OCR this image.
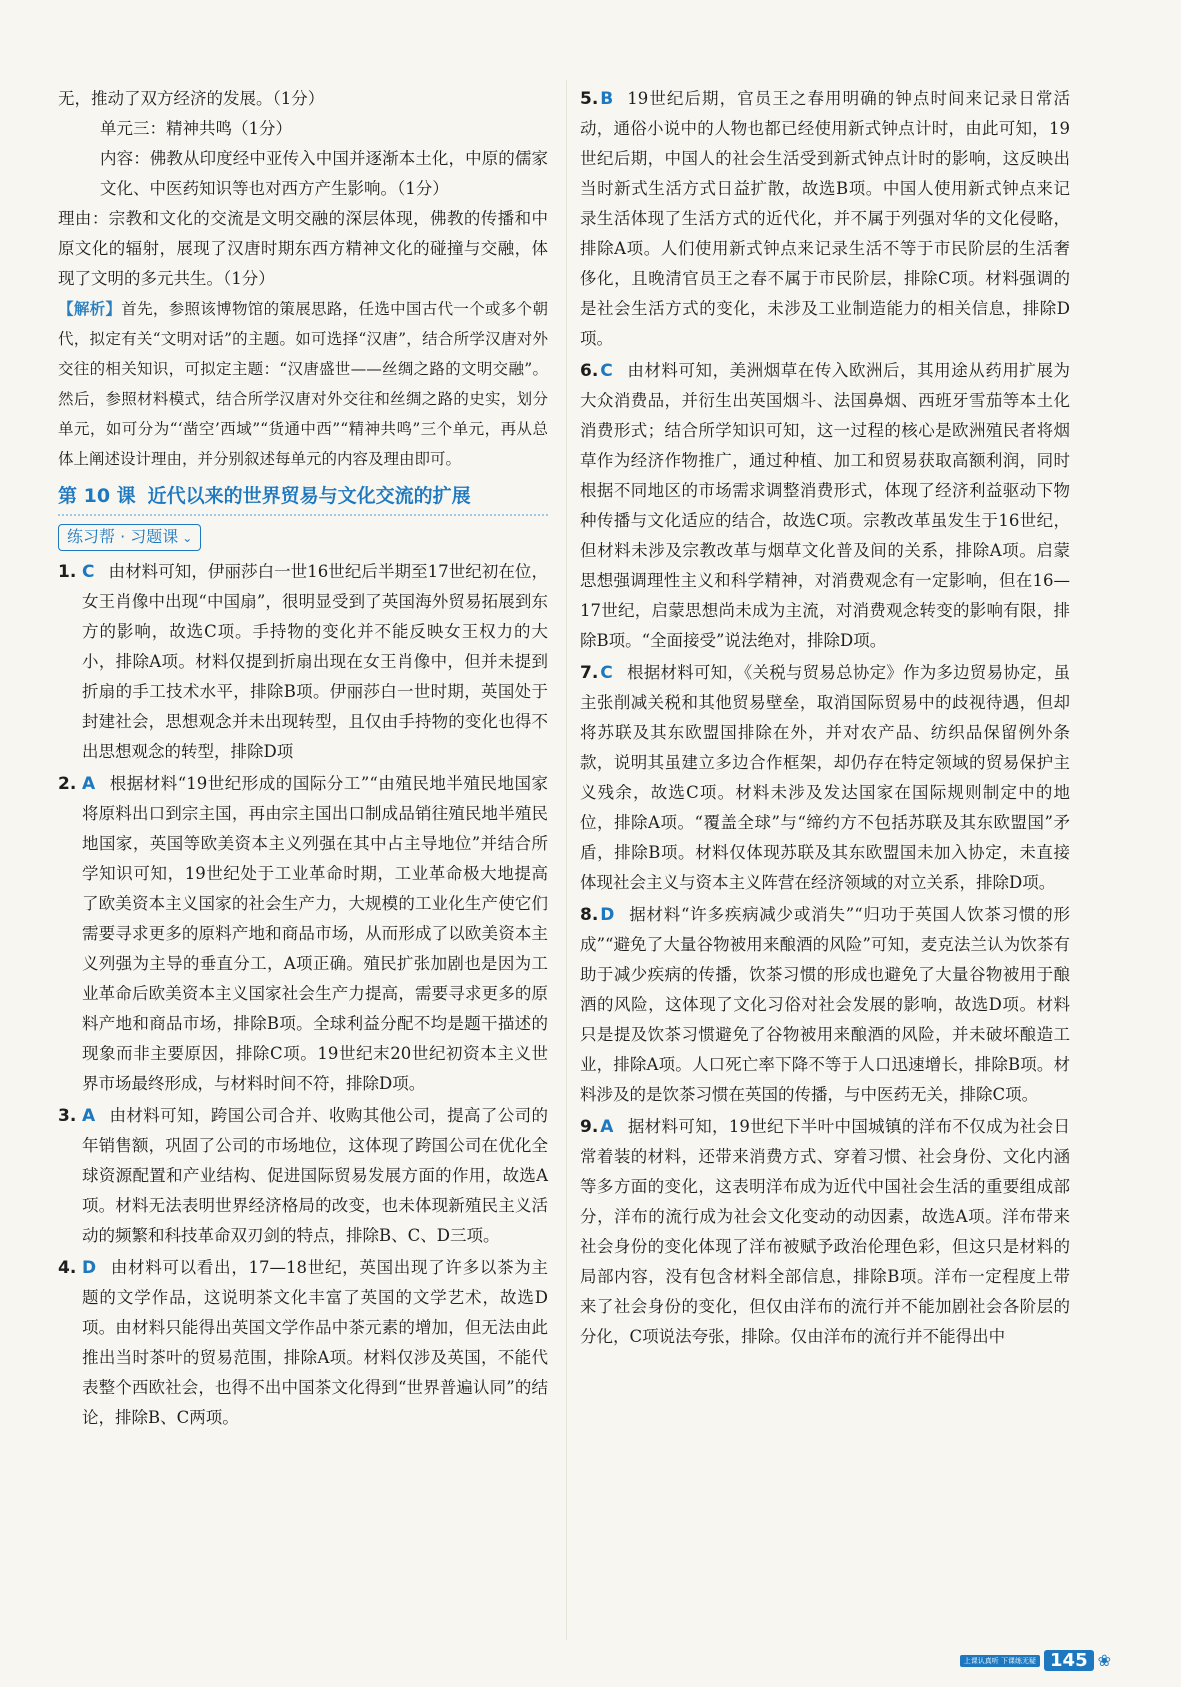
无，推动了双方经济的发展。（1分）

单元三：精神共鸣（1分）

内容：佛教从印度经中亚传入中国并逐渐本土化，中原的儒家文化、中医药知识等也对西方产生影响。（1分）

理由：宗教和文化的交流是文明交融的深层体现，佛教的传播和中原文化的辐射，展现了汉唐时期东西方精神文化的碰撞与交融，体现了文明的多元共生。（1分）

【解析】首先，参照该博物馆的策展思路，任选中国古代一个或多个朝代，拟定有关“文明对话”的主题。如可选择“汉唐”，结合所学汉唐对外交往的相关知识，可拟定主题：“汉唐盛世——丝绸之路的文明交融”。然后，参照材料模式，结合所学汉唐对外交往和丝绸之路的史实，划分单元，如可分为“‘凿空’西域”“货通中西”“精神共鸣”三个单元，再从总体上阐述设计理由，并分别叙述每单元的内容及理由即可。

第 10 课 近代以来的世界贸易与文化交流的扩展
练习帮 · 习题课 ⌄
1. C 由材料可知，伊丽莎白一世16世纪后半期至17世纪初在位，女王肖像中出现“中国扇”，很明显受到了英国海外贸易拓展到东方的影响，故选C项。手持物的变化并不能反映女王权力的大小，排除A项。材料仅提到折扇出现在女王肖像中，但并未提到折扇的手工技术水平，排除B项。伊丽莎白一世时期，英国处于封建社会，思想观念并未出现转型，且仅由手持物的变化也得不出思想观念的转型，排除D项
2. A 根据材料“19世纪形成的国际分工”“由殖民地半殖民地国家将原料出口到宗主国，再由宗主国出口制成品销往殖民地半殖民地国家，英国等欧美资本主义列强在其中占主导地位”并结合所学知识可知，19世纪处于工业革命时期，工业革命极大地提高了欧美资本主义国家的社会生产力，大规模的工业化生产使它们需要寻求更多的原料产地和商品市场，从而形成了以欧美资本主义列强为主导的垂直分工，A项正确。殖民扩张加剧也是因为工业革命后欧美资本主义国家社会生产力提高，需要寻求更多的原料产地和商品市场，排除B项。全球利益分配不均是题干描述的现象而非主要原因，排除C项。19世纪末20世纪初资本主义世界市场最终形成，与材料时间不符，排除D项。
3. A 由材料可知，跨国公司合并、收购其他公司，提高了公司的年销售额，巩固了公司的市场地位，这体现了跨国公司在优化全球资源配置和产业结构、促进国际贸易发展方面的作用，故选A项。材料无法表明世界经济格局的改变，也未体现新殖民主义活动的频繁和科技革命双刃剑的特点，排除B、C、D三项。
4. D 由材料可以看出，17—18世纪，英国出现了许多以茶为主题的文学作品，这说明茶文化丰富了英国的文学艺术，故选D项。由材料只能得出英国文学作品中茶元素的增加，但无法由此推出当时茶叶的贸易范围，排除A项。材料仅涉及英国，不能代表整个西欧社会，也得不出中国茶文化得到“世界普遍认同”的结论，排除B、C两项。
5. B 19世纪后期，官员王之春用明确的钟点时间来记录日常活动，通俗小说中的人物也都已经使用新式钟点计时，由此可知，19世纪后期，中国人的社会生活受到新式钟点计时的影响，这反映出当时新式生活方式日益扩散，故选B项。中国人使用新式钟点来记录生活体现了生活方式的近代化，并不属于列强对华的文化侵略，排除A项。人们使用新式钟点来记录生活不等于市民阶层的生活奢侈化，且晚清官员王之春不属于市民阶层，排除C项。材料强调的是社会生活方式的变化，未涉及工业制造能力的相关信息，排除D项。
6. C 由材料可知，美洲烟草在传入欧洲后，其用途从药用扩展为大众消费品，并衍生出英国烟斗、法国鼻烟、西班牙雪茄等本土化消费形式；结合所学知识可知，这一过程的核心是欧洲殖民者将烟草作为经济作物推广，通过种植、加工和贸易获取高额利润，同时根据不同地区的市场需求调整消费形式，体现了经济利益驱动下物种传播与文化适应的结合，故选C项。宗教改革虽发生于16世纪，但材料未涉及宗教改革与烟草文化普及间的关系，排除A项。启蒙思想强调理性主义和科学精神，对消费观念有一定影响，但在16—17世纪，启蒙思想尚未成为主流，对消费观念转变的影响有限，排除B项。“全面接受”说法绝对，排除D项。
7. C 根据材料可知，《关税与贸易总协定》作为多边贸易协定，虽主张削减关税和其他贸易壁垒，取消国际贸易中的歧视待遇，但却将苏联及其东欧盟国排除在外，并对农产品、纺织品保留例外条款，说明其虽建立多边合作框架，却仍存在特定领域的贸易保护主义残余，故选C项。材料未涉及发达国家在国际规则制定中的地位，排除A项。“覆盖全球”与“缔约方不包括苏联及其东欧盟国”矛盾，排除B项。材料仅体现苏联及其东欧盟国未加入协定，未直接体现社会主义与资本主义阵营在经济领域的对立关系，排除D项。
8. D 据材料“许多疾病减少或消失”“归功于英国人饮茶习惯的形成”“避免了大量谷物被用来酿酒的风险”可知，麦克法兰认为饮茶有助于减少疾病的传播，饮茶习惯的形成也避免了大量谷物被用于酿酒的风险，这体现了文化习俗对社会发展的影响，故选D项。材料只是提及饮茶习惯避免了谷物被用来酿酒的风险，并未破坏酿造工业，排除A项。人口死亡率下降不等于人口迅速增长，排除B项。材料涉及的是饮茶习惯在英国的传播，与中医药无关，排除C项。
9. A 据材料可知，19世纪下半叶中国城镇的洋布不仅成为社会日常着装的材料，还带来消费方式、穿着习惯、社会身份、文化内涵等多方面的变化，这表明洋布成为近代中国社会生活的重要组成部分，洋布的流行成为社会文化变动的动因素，故选A项。洋布带来社会身份的变化体现了洋布被赋予政治伦理色彩，但这只是材料的局部内容，没有包含材料全部信息，排除B项。洋布一定程度上带来了社会身份的变化，但仅由洋布的流行并不能加剧社会各阶层的分化，C项说法夸张，排除。仅由洋布的流行并不能得出中
上课认真听 下课练无疑 145 ❀
